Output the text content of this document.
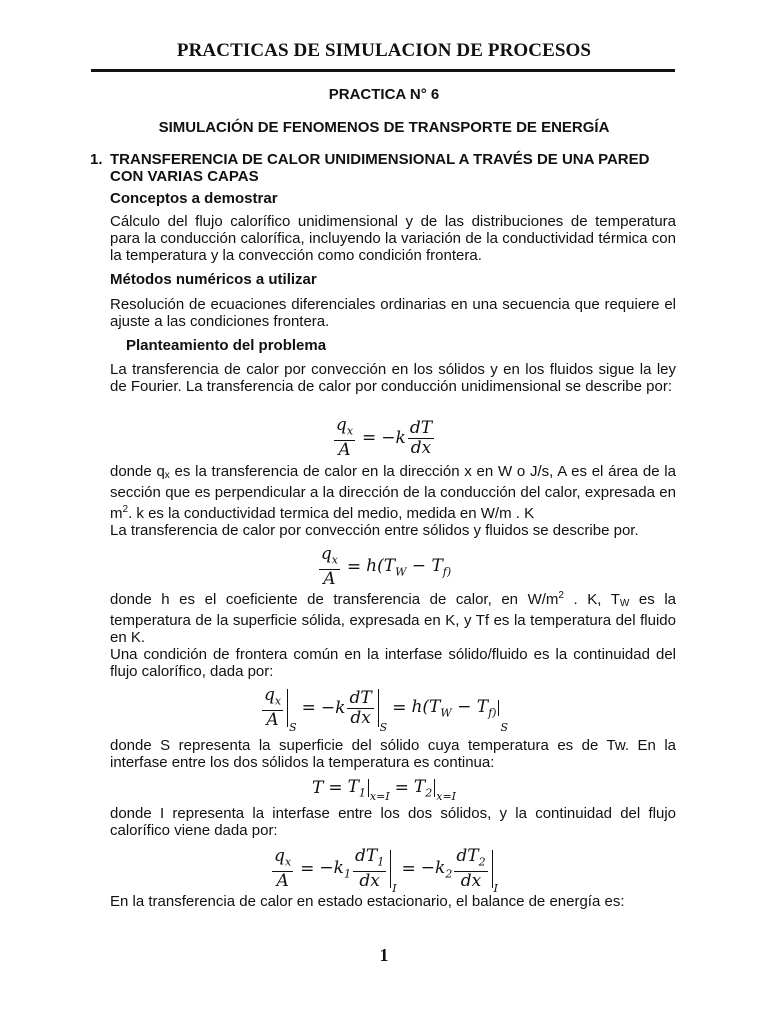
PRACTICAS DE SIMULACION DE PROCESOS
PRACTICA N° 6
SIMULACIÓN DE FENOMENOS DE TRANSPORTE DE ENERGÍA
1. TRANSFERENCIA DE CALOR UNIDIMENSIONAL A TRAVÉS DE UNA PARED CON VARIAS CAPAS
Conceptos a demostrar
Cálculo del flujo calorífico unidimensional y de las distribuciones de temperatura para la conducción calorífica, incluyendo la variación de la conductividad térmica con la temperatura y la convección como condición frontera.
Métodos numéricos a utilizar
Resolución de ecuaciones diferenciales ordinarias en una secuencia que requiere el ajuste a las condiciones frontera.
Planteamiento del problema
La transferencia de calor por convección en los sólidos y en los fluidos sigue la ley de Fourier. La transferencia de calor por conducción unidimensional se describe por:
$\frac{q_x}{A} = -k \frac{dT}{dx}$
donde qx es la transferencia de calor en la dirección x en W o J/s, A es el área de la sección que es perpendicular a la dirección de la conducción del calor, expresada en $m^2$. k es la conductividad termica del medio, medida en W/m . K
La transferencia de calor por convección entre sólidos y fluidos se describe por.
$\frac{q_x}{A} = h(T_W - T_{f)}$
donde h es el coeficiente de transferencia de calor, en $W/m^2$ . K, TW es la temperatura de la superficie sólida, expresada en K, y Tf es la temperatura del fluido en K.
Una condición de frontera común en la interfase sólido/fluido es la continuidad del flujo calorífico, dada por:
$\frac{q_x}{A}$ S
= $-k \frac{dT}{dx}$
S
= $h(T_W - T_{f)}$
S
donde S representa la superficie del sólido cuya temperatura es de Tw. En la interfase entre los dos sólidos la temperatura es continua:
$T = T_1$ $x=I = T_2$ x=I
donde I representa la interfase entre los dos sólidos, y la continuidad del flujo calorífico viene dada por:
$\frac{q_x}{A} = -k_1 \frac{dT_1}{dx}$ I
= $-k_2 \frac{dT_2}{dx}$ I
En la transferencia de calor en estado estacionario, el balance de energía es:
1
